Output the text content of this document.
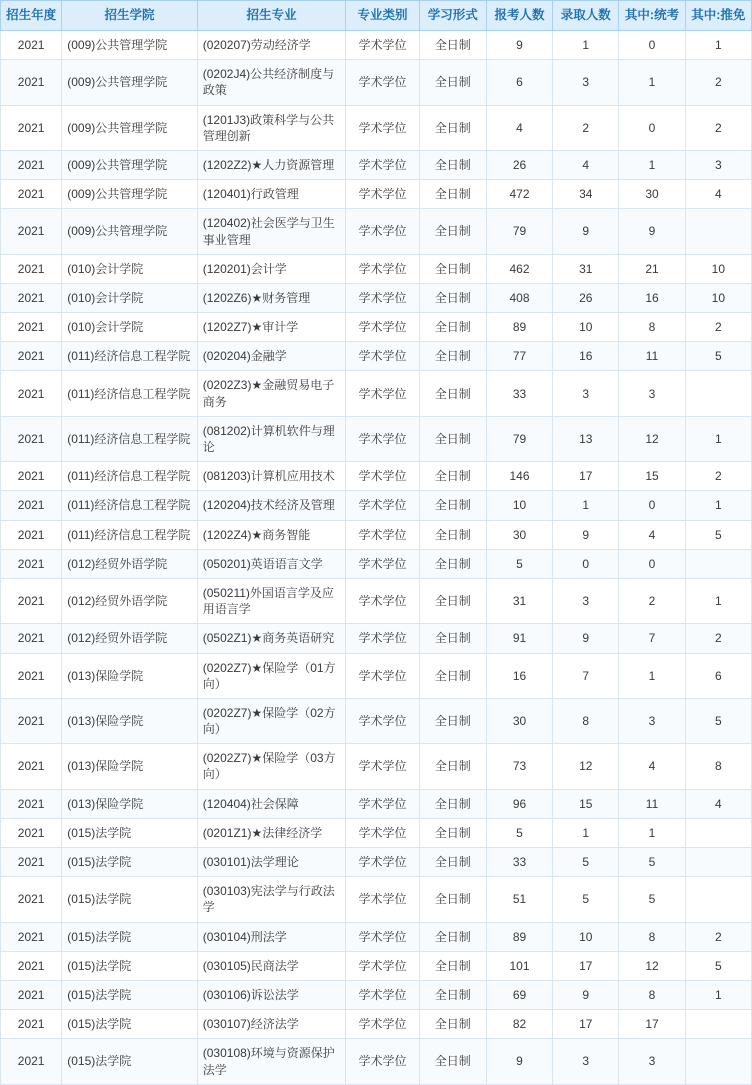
招生年度	招生学院	招生专业	专业类别	学习形式	报考人数	录取人数	其中:统考	其中:推免
2021	(009)公共管理学院	(020207)劳动经济学	学术学位	全日制	9	1	0	1
2021	(009)公共管理学院	(0202J4)公共经济制度与政策	学术学位	全日制	6	3	1	2
2021	(009)公共管理学院	(1201J3)政策科学与公共管理创新	学术学位	全日制	4	2	0	2
2021	(009)公共管理学院	(1202Z2)★人力资源管理	学术学位	全日制	26	4	1	3
2021	(009)公共管理学院	(120401)行政管理	学术学位	全日制	472	34	30	4
2021	(009)公共管理学院	(120402)社会医学与卫生事业管理	学术学位	全日制	79	9	9	
2021	(010)会计学院	(120201)会计学	学术学位	全日制	462	31	21	10
2021	(010)会计学院	(1202Z6)★财务管理	学术学位	全日制	408	26	16	10
2021	(010)会计学院	(1202Z7)★审计学	学术学位	全日制	89	10	8	2
2021	(011)经济信息工程学院	(020204)金融学	学术学位	全日制	77	16	11	5
2021	(011)经济信息工程学院	(0202Z3)★金融贸易电子商务	学术学位	全日制	33	3	3	
2021	(011)经济信息工程学院	(081202)计算机软件与理论	学术学位	全日制	79	13	12	1
2021	(011)经济信息工程学院	(081203)计算机应用技术	学术学位	全日制	146	17	15	2
2021	(011)经济信息工程学院	(120204)技术经济及管理	学术学位	全日制	10	1	0	1
2021	(011)经济信息工程学院	(1202Z4)★商务智能	学术学位	全日制	30	9	4	5
2021	(012)经贸外语学院	(050201)英语语言文学	学术学位	全日制	5	0	0	
2021	(012)经贸外语学院	(050211)外国语言学及应用语言学	学术学位	全日制	31	3	2	1
2021	(012)经贸外语学院	(0502Z1)★商务英语研究	学术学位	全日制	91	9	7	2
2021	(013)保险学院	(0202Z7)★保险学（01方向）	学术学位	全日制	16	7	1	6
2021	(013)保险学院	(0202Z7)★保险学（02方向）	学术学位	全日制	30	8	3	5
2021	(013)保险学院	(0202Z7)★保险学（03方向）	学术学位	全日制	73	12	4	8
2021	(013)保险学院	(120404)社会保障	学术学位	全日制	96	15	11	4
2021	(015)法学院	(0201Z1)★法律经济学	学术学位	全日制	5	1	1	
2021	(015)法学院	(030101)法学理论	学术学位	全日制	33	5	5	
2021	(015)法学院	(030103)宪法学与行政法学	学术学位	全日制	51	5	5	
2021	(015)法学院	(030104)刑法学	学术学位	全日制	89	10	8	2
2021	(015)法学院	(030105)民商法学	学术学位	全日制	101	17	12	5
2021	(015)法学院	(030106)诉讼法学	学术学位	全日制	69	9	8	1
2021	(015)法学院	(030107)经济法学	学术学位	全日制	82	17	17	
2021	(015)法学院	(030108)环境与资源保护法学	学术学位	全日制	9	3	3	
